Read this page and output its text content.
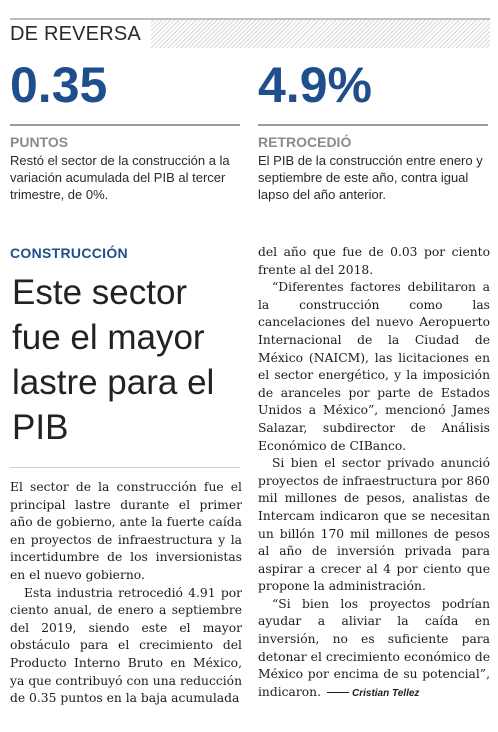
DE REVERSA
0.35
PUNTOS
Restó el sector de la construcción a la variación acumulada del PIB al tercer trimestre, de 0%.
4.9%
RETROCEDIÓ
El PIB de la construcción entre enero y septiembre de este año, contra igual lapso del año anterior.
CONSTRUCCIÓN
Este sector fue el mayor lastre para el PIB

El sector de la construcción fue el principal lastre durante el primer año de gobierno, ante la fuerte caída en proyectos de infraestructura y la incertidumbre de los inversionistas en el nuevo gobierno.

Esta industria retrocedió 4.91 por ciento anual, de enero a septiembre del 2019, siendo este el mayor obstáculo para el crecimiento del Producto Interno Bruto en México, ya que contribuyó con una reducción de 0.35 puntos en la baja acumulada

del año que fue de 0.03 por ciento frente al del 2018.

“Diferentes factores debilitaron a la construcción como las cancelaciones del nuevo Aeropuerto Internacional de la Ciudad de México (NAICM), las licitaciones en el sector energético, y la imposición de aranceles por parte de Estados Unidos a México”, mencionó James Salazar, subdirector de Análisis Económico de CIBanco.

Si bien el sector privado anunció proyectos de infraestructura por 860 mil millones de pesos, analistas de Intercam indicaron que se necesitan un billón 170 mil millones de pesos al año de inversión privada para aspirar a crecer al 4 por ciento que propone la administración.

“Si bien los proyectos podrían ayudar a aliviar la caída en inversión, no es suficiente para detonar el crecimiento económico de México por encima de su potencial”, indicaron.	Cristian Tellez
